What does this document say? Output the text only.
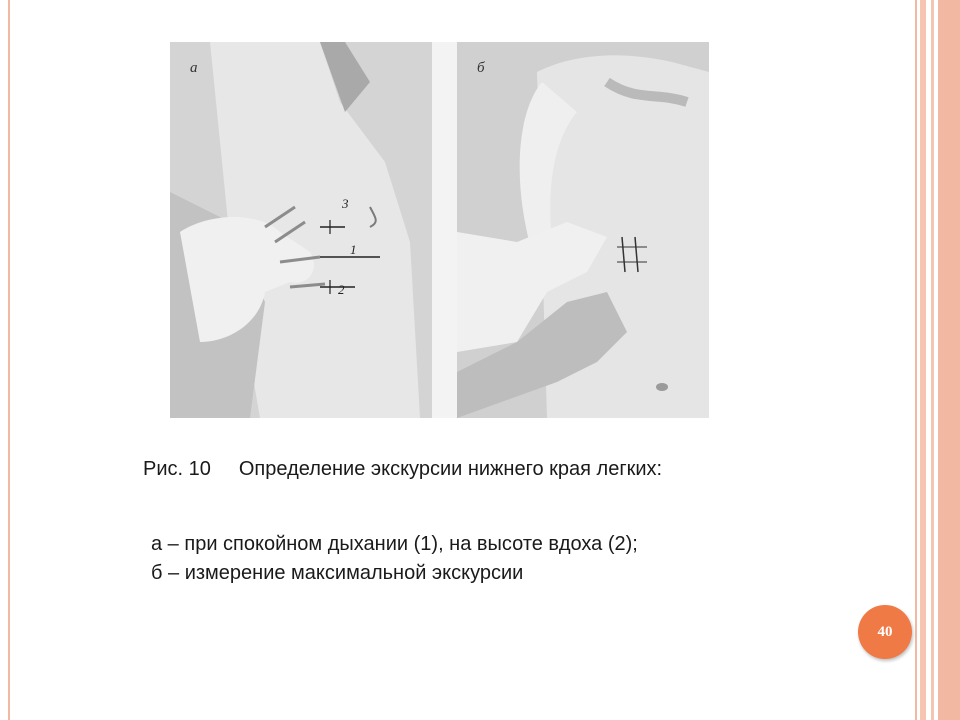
3
1
2
а	б
Рис. 10 Определение экскурсии нижнего края легких:
а – при спокойном дыхании (1), на высоте вдоха (2);
б – измерение максимальной экскурсии
40
